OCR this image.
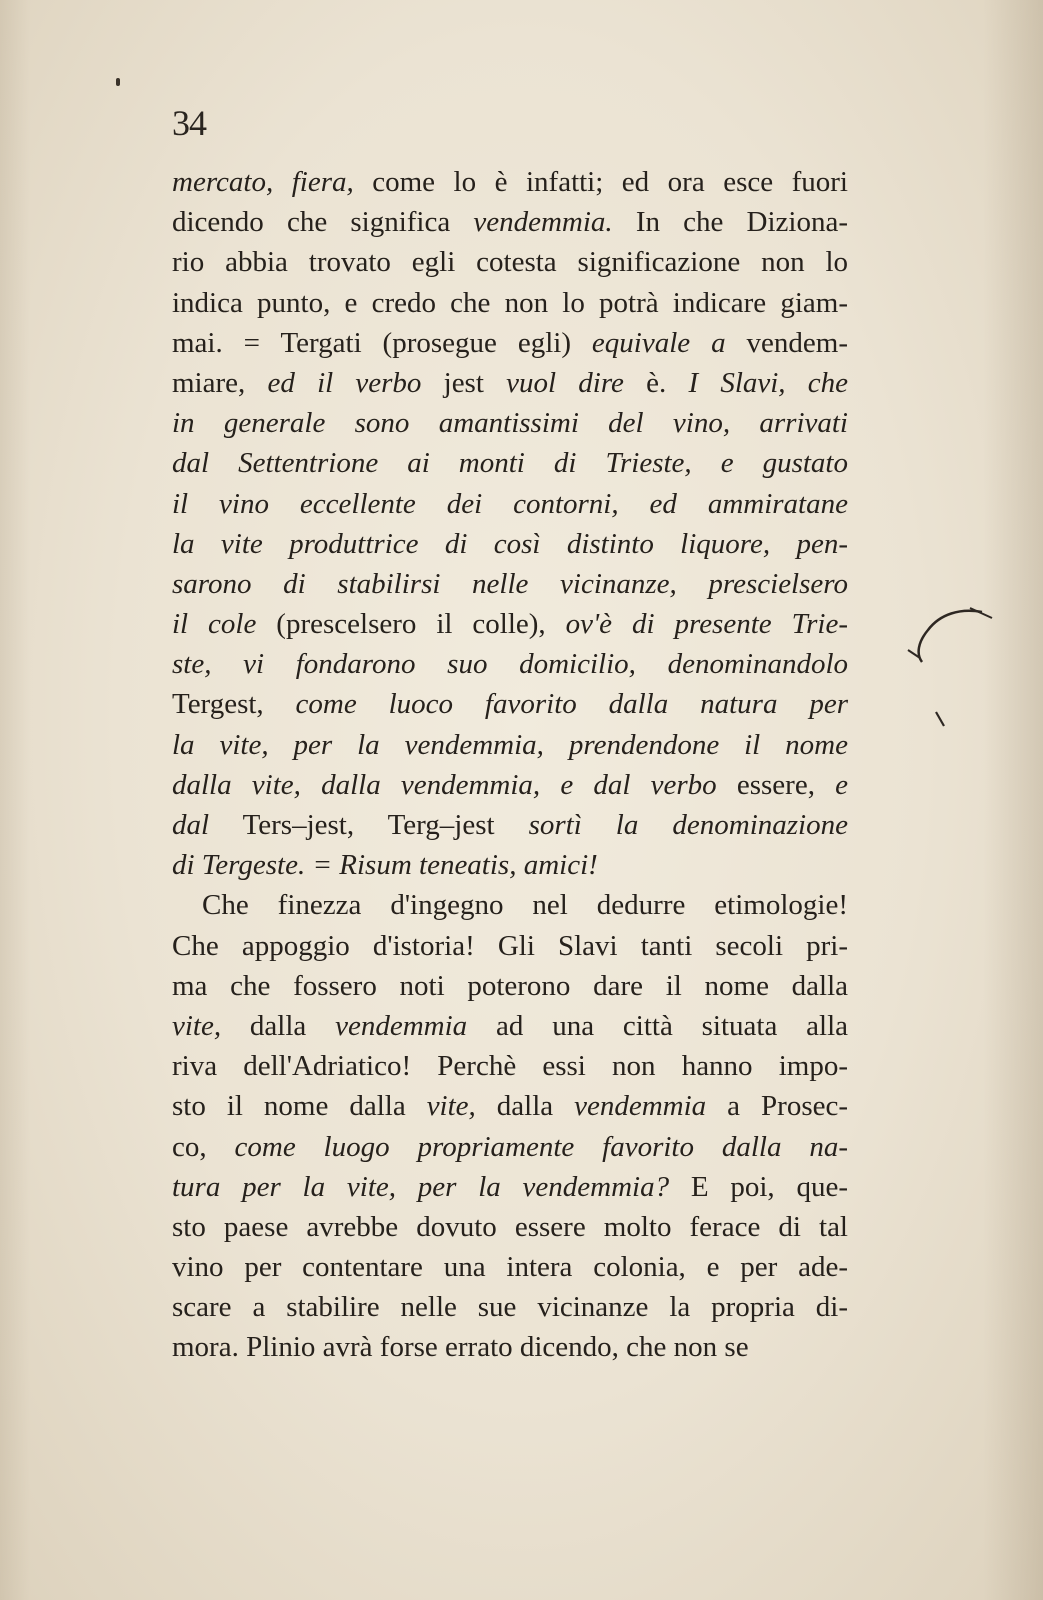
34
mercato, fiera, come lo è infatti; ed ora esce fuori
dicendo che significa vendemmia. In che Diziona-
rio abbia trovato egli cotesta significazione non lo
indica punto, e credo che non lo potrà indicare giam-
mai. = Tergati (prosegue egli) equivale a vendem-
miare, ed il verbo jest vuol dire è. I Slavi, che
in generale sono amantissimi del vino, arrivati
dal Settentrione ai monti di Trieste, e gustato
il vino eccellente dei contorni, ed ammiratane
la vite produttrice di così distinto liquore, pen-
sarono di stabilirsi nelle vicinanze, prescielsero
il cole (prescelsero il colle), ov'è di presente Trie-
ste, vi fondarono suo domicilio, denominandolo
Tergest, come luoco favorito dalla natura per
la vite, per la vendemmia, prendendone il nome
dalla vite, dalla vendemmia, e dal verbo essere, e
dal Ters–jest, Terg–jest sortì la denominazione
di Tergeste. = Risum teneatis, amici!
Che finezza d'ingegno nel dedurre etimologie!
Che appoggio d'istoria! Gli Slavi tanti secoli pri-
ma che fossero noti poterono dare il nome dalla
vite, dalla vendemmia ad una città situata alla
riva dell'Adriatico! Perchè essi non hanno impo-
sto il nome dalla vite, dalla vendemmia a Prosec-
co, come luogo propriamente favorito dalla na-
tura per la vite, per la vendemmia? E poi, que-
sto paese avrebbe dovuto essere molto ferace di tal
vino per contentare una intera colonia, e per ade-
scare a stabilire nelle sue vicinanze la propria di-
mora. Plinio avrà forse errato dicendo, che non se
